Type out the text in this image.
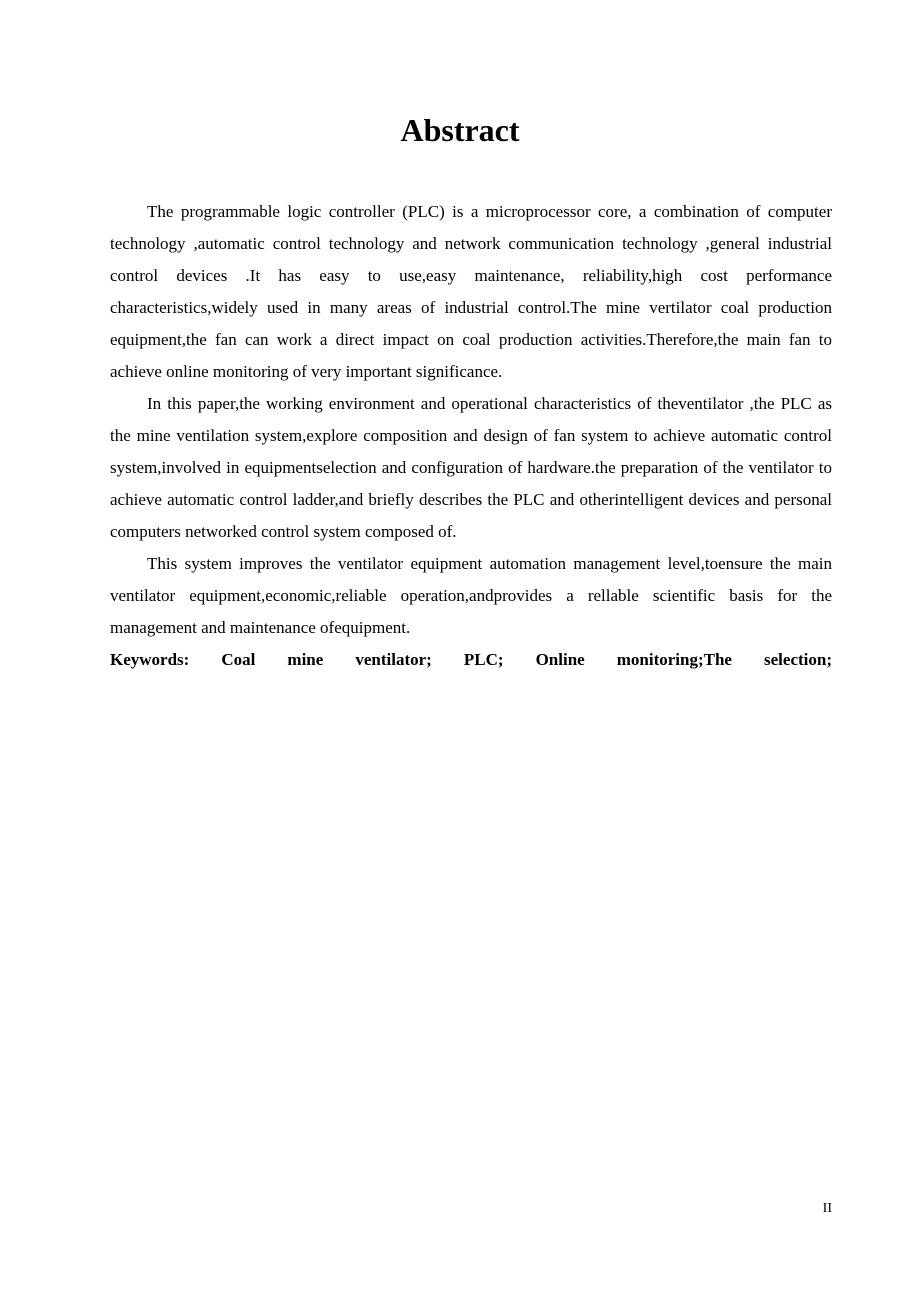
Abstract

The programmable logic controller (PLC) is a microprocessor core, a combination of computer technology ,automatic control technology and network communication technology ,general industrial control devices .It has easy to use,easy maintenance, reliability,high cost performance characteristics,widely used in many areas of industrial control.The mine vertilator coal production equipment,the fan can work a direct impact on coal production activities.Therefore,the main fan to achieve online monitoring of very important significance.

In this paper,the working environment and operational characteristics of theventilator ,the PLC as the mine ventilation system,explore composition and design of fan system to achieve automatic control system,involved in equipmentselection and configuration of hardware.the preparation of the ventilator to achieve automatic control ladder,and briefly describes the PLC and otherintelligent devices and personal computers networked control system composed of.

This system improves the ventilator equipment automation management level,toensure the main ventilator equipment,economic,reliable operation,andprovides a rellable scientific basis for the management and maintenance ofequipment.

Keywords: Coal mine ventilator; PLC; Online monitoring;The selection;
II
